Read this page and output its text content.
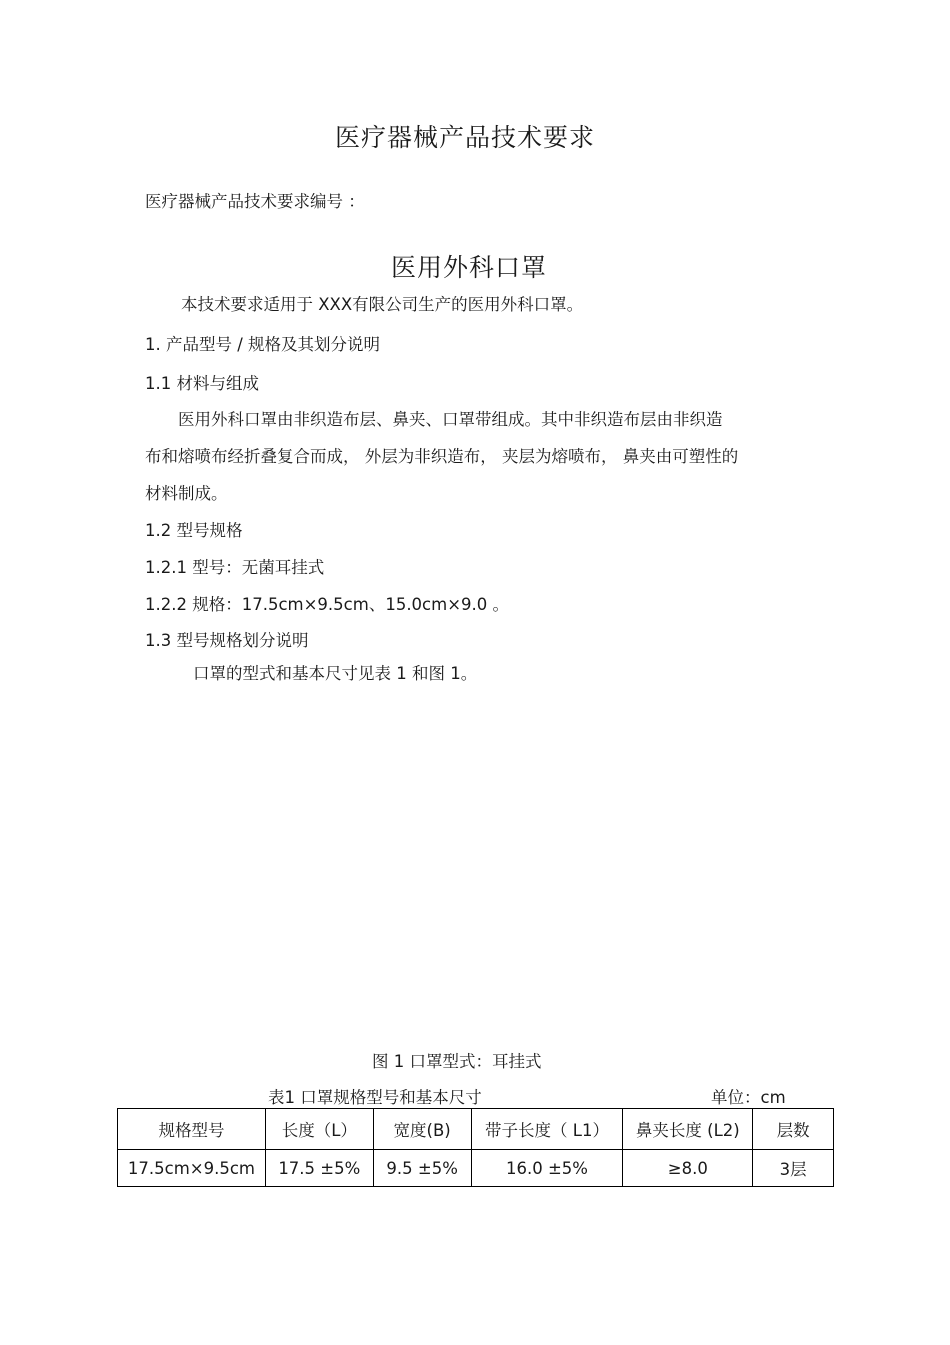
医疗器械产品技术要求
医疗器械产品技术要求编号 ：
医用外科口罩
本技术要求适用于 XXX有限公司生产的医用外科口罩。
1. 产品型号 / 规格及其划分说明
1.1 材料与组成
医用外科口罩由非织造布层、鼻夹、口罩带组成。其中非织造布层由非织造
布和熔喷布经折叠复合而成， 外层为非织造布， 夹层为熔喷布， 鼻夹由可塑性的
材料制成。
1.2 型号规格
1.2.1 型号：无菌耳挂式
1.2.2 规格：17.5cm×9.5cm、15.0cm×9.0 。
1.3 型号规格划分说明
口罩的型式和基本尺寸见表 1 和图 1。
图 1 口罩型式：耳挂式
表1 口罩规格型号和基本尺寸	单位：cm
规格型号	长度（L）	宽度(B)	带子长度（ L1）	鼻夹长度 (L2)	层数
17.5cm×9.5cm	17.5 ±5%	9.5 ±5%	16.0 ±5%	≥8.0	3层
